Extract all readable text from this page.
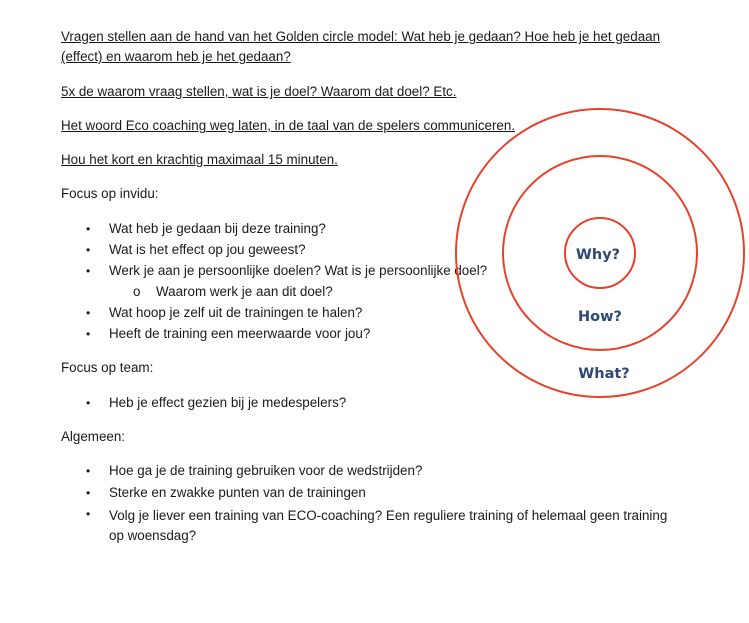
Vragen stellen aan de hand van het Golden circle model: Wat heb je gedaan? Hoe heb je het gedaan
(effect) en waarom heb je het gedaan?
5x de waarom vraag stellen, wat is je doel? Waarom dat doel? Etc.
Het woord Eco coaching weg laten, in de taal van de spelers communiceren.
Hou het kort en krachtig maximaal 15 minuten.
Focus op invidu:
• Wat heb je gedaan bij deze training?
• Wat is het effect op jou geweest?
• Werk je aan je persoonlijke doelen? Wat is je persoonlijke doel?
o Waarom werk je aan dit doel?
• Wat hoop je zelf uit de trainingen te halen?
• Heeft de training een meerwaarde voor jou?
Focus op team:
• Heb je effect gezien bij je medespelers?
Algemeen:
• Hoe ga je de training gebruiken voor de wedstrijden?
• Sterke en zwakke punten van de trainingen
•	Volg je liever een training van ECO-coaching? Een reguliere training of helemaal geen training op woensdag?
Why?
How?
What?
